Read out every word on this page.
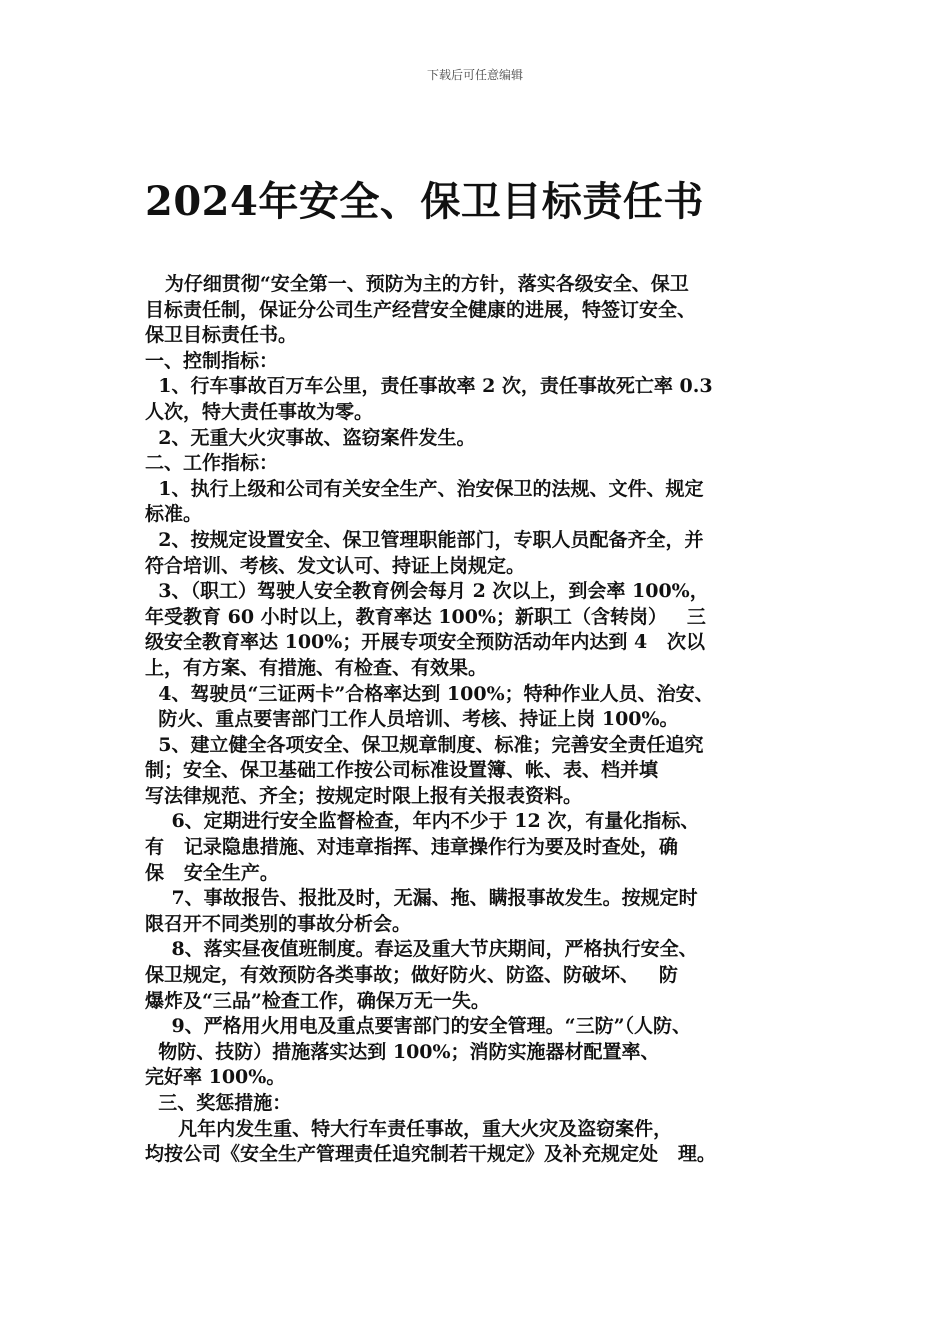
下载后可任意编辑
2024年安全、保卫目标责任书
为仔细贯彻“安全第一、预防为主的方针，落实各级安全、保卫
目标责任制，保证分公司生产经营安全健康的进展，特签订安全、
保卫目标责任书。
一、控制指标：
1、行车事故百万车公里，责任事故率 2 次，责任事故死亡率 0.3
人次，特大责任事故为零。
2、无重大火灾事故、盗窃案件发生。
二、工作指标：
1、执行上级和公司有关安全生产、治安保卫的法规、文件、规定
标准。
2、按规定设置安全、保卫管理职能部门，专职人员配备齐全，并
符合培训、考核、发文认可、持证上岗规定。
3、（职工）驾驶人安全教育例会每月 2 次以上，到会率 100%，
年受教育 60 小时以上，教育率达 100%；新职工（含转岗）   三
级安全教育率达 100%；开展专项安全预防活动年内达到 4   次以
上，有方案、有措施、有检查、有效果。
4、驾驶员“三证两卡”合格率达到 100%；特种作业人员、治安、
防火、重点要害部门工作人员培训、考核、持证上岗 100%。
5、建立健全各项安全、保卫规章制度、标准；完善安全责任追究
制；安全、保卫基础工作按公司标准设置簿、帐、表、档并填
写法律规范、齐全；按规定时限上报有关报表资料。
6、定期进行安全监督检查，年内不少于 12 次，有量化指标、
有   记录隐患措施、对违章指挥、违章操作行为要及时查处，确
保   安全生产。
7、事故报告、报批及时，无漏、拖、瞒报事故发生。按规定时
限召开不同类别的事故分析会。
8、落实昼夜值班制度。春运及重大节庆期间，严格执行安全、
保卫规定，有效预防各类事故；做好防火、防盗、防破坏、   防
爆炸及“三品”检查工作，确保万无一失。
9、严格用火用电及重点要害部门的安全管理。“三防”（人防、
物防、技防）措施落实达到 100%；消防实施器材配置率、
完好率 100%。
三、奖惩措施：
凡年内发生重、特大行车责任事故，重大火灾及盗窃案件，
均按公司《安全生产管理责任追究制若干规定》及补充规定处   理。
